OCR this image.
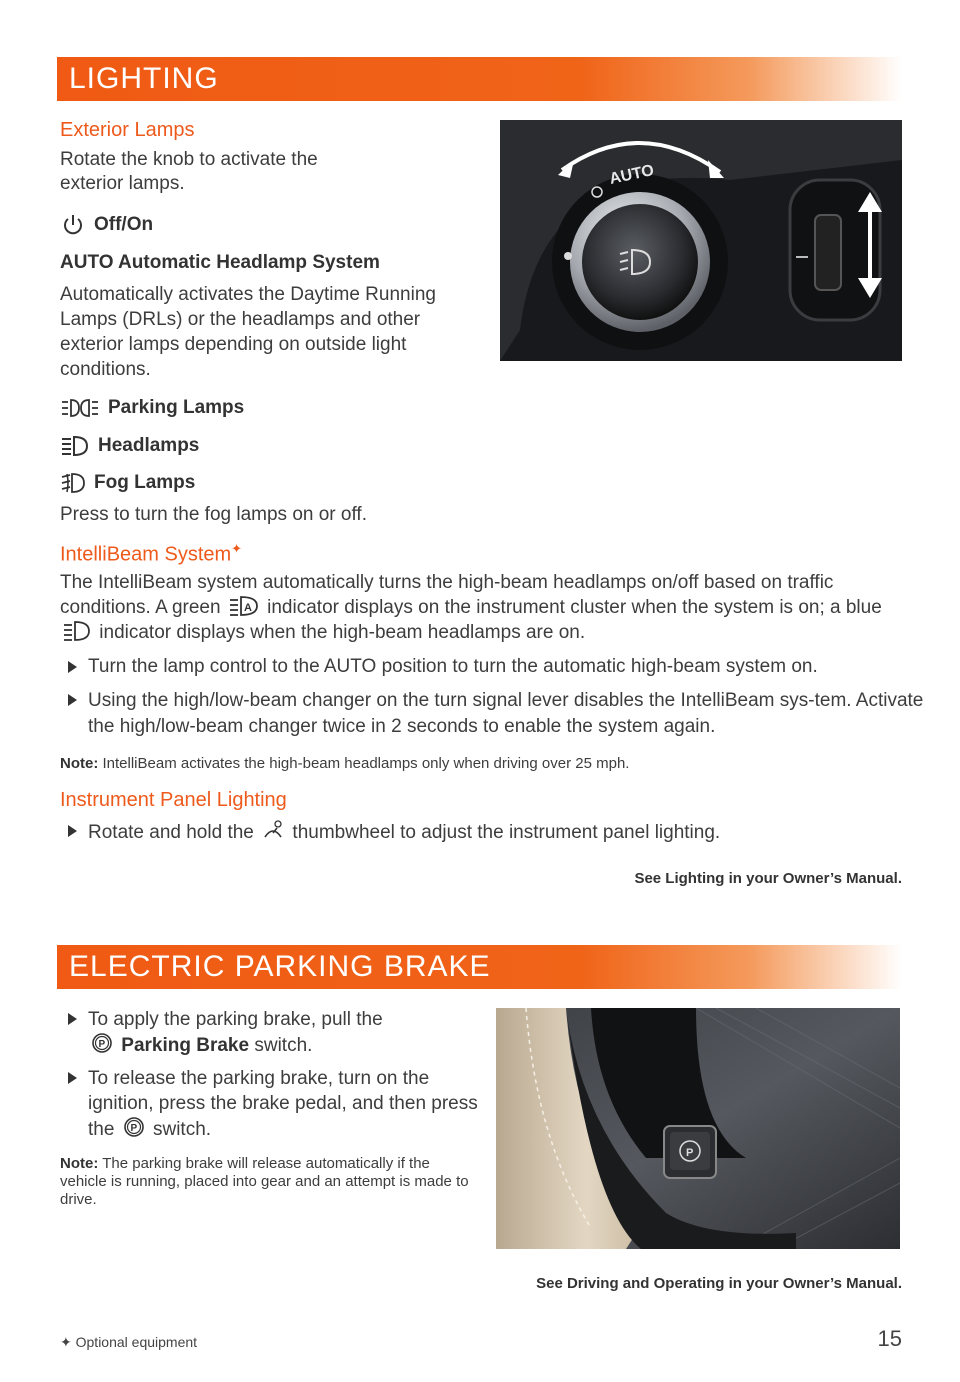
LIGHTING
Exterior Lamps
Rotate the knob to activate the exterior lamps.
Off/On
AUTO Automatic Headlamp System
Automatically activates the Daytime Running Lamps (DRLs) or the headlamps and other exterior lamps depending on outside light conditions.
Parking Lamps
Headlamps
Fog Lamps
Press to turn the fog lamps on or off.
AUTO
IntelliBeam System✦
The IntelliBeam system automatically turns the high-beam headlamps on/off based on traffic conditions. A green A indicator displays on the instrument cluster when the system is on; a blue  indicator displays when the high-beam headlamps are on.
Turn the lamp control to the AUTO position to turn the automatic high-beam system on.
Using the high/low-beam changer on the turn signal lever disables the IntelliBeam sys-tem. Activate the high/low-beam changer twice in 2 seconds to enable the system again.
Note: IntelliBeam activates the high-beam headlamps only when driving over 25 mph.
Instrument Panel Lighting
Rotate and hold the thumbwheel to adjust the instrument panel lighting.
See Lighting in your Owner’s Manual.
ELECTRIC PARKING BRAKE
To apply the parking brake, pull the

P Parking Brake switch.
To release the parking brake, turn on the ignition, press the brake pedal, and then press the P switch.
Note: The parking brake will release automatically if the vehicle is running, placed into gear and an attempt is made to drive.
P
See Driving and Operating in your Owner’s Manual.
✦ Optional equipment	15
